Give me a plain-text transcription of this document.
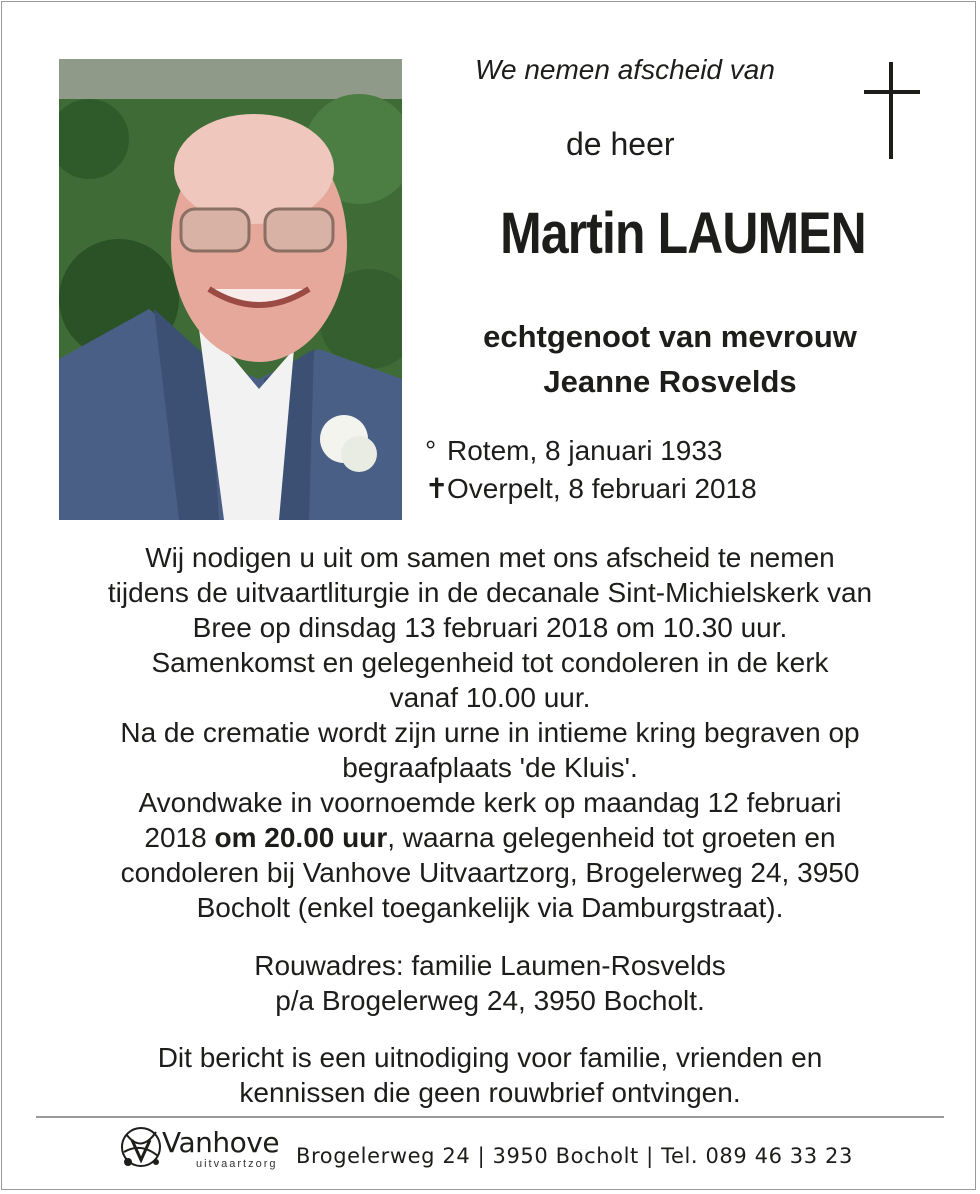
We nemen afscheid van
de heer
Martin LAUMEN
echtgenoot van mevrouw
Jeanne Rosvelds
° Rotem, 8 januari 1933
✝Overpelt, 8 februari 2018

Wij nodigen u uit om samen met ons afscheid te nemen

tijdens de uitvaartliturgie in de decanale Sint-Michielskerk van

Bree op dinsdag 13 februari 2018 om 10.30 uur.

Samenkomst en gelegenheid tot condoleren in de kerk

vanaf 10.00 uur.

Na de crematie wordt zijn urne in intieme kring begraven op

begraafplaats 'de Kluis'.

Avondwake in voornoemde kerk op maandag 12 februari

2018 om 20.00 uur, waarna gelegenheid tot groeten en

condoleren bij Vanhove Uitvaartzorg, Brogelerweg 24, 3950

Bocholt (enkel toegankelijk via Damburgstraat).

Rouwadres: familie Laumen-Rosvelds
p/a Brogelerweg 24, 3950 Bocholt.
Dit bericht is een uitnodiging voor familie, vrienden en
kennissen die geen rouwbrief ontvingen.
Vanhove
uitvaartzorg Brogelerweg 24 | 3950 Bocholt | Tel. 089 46 33 23
